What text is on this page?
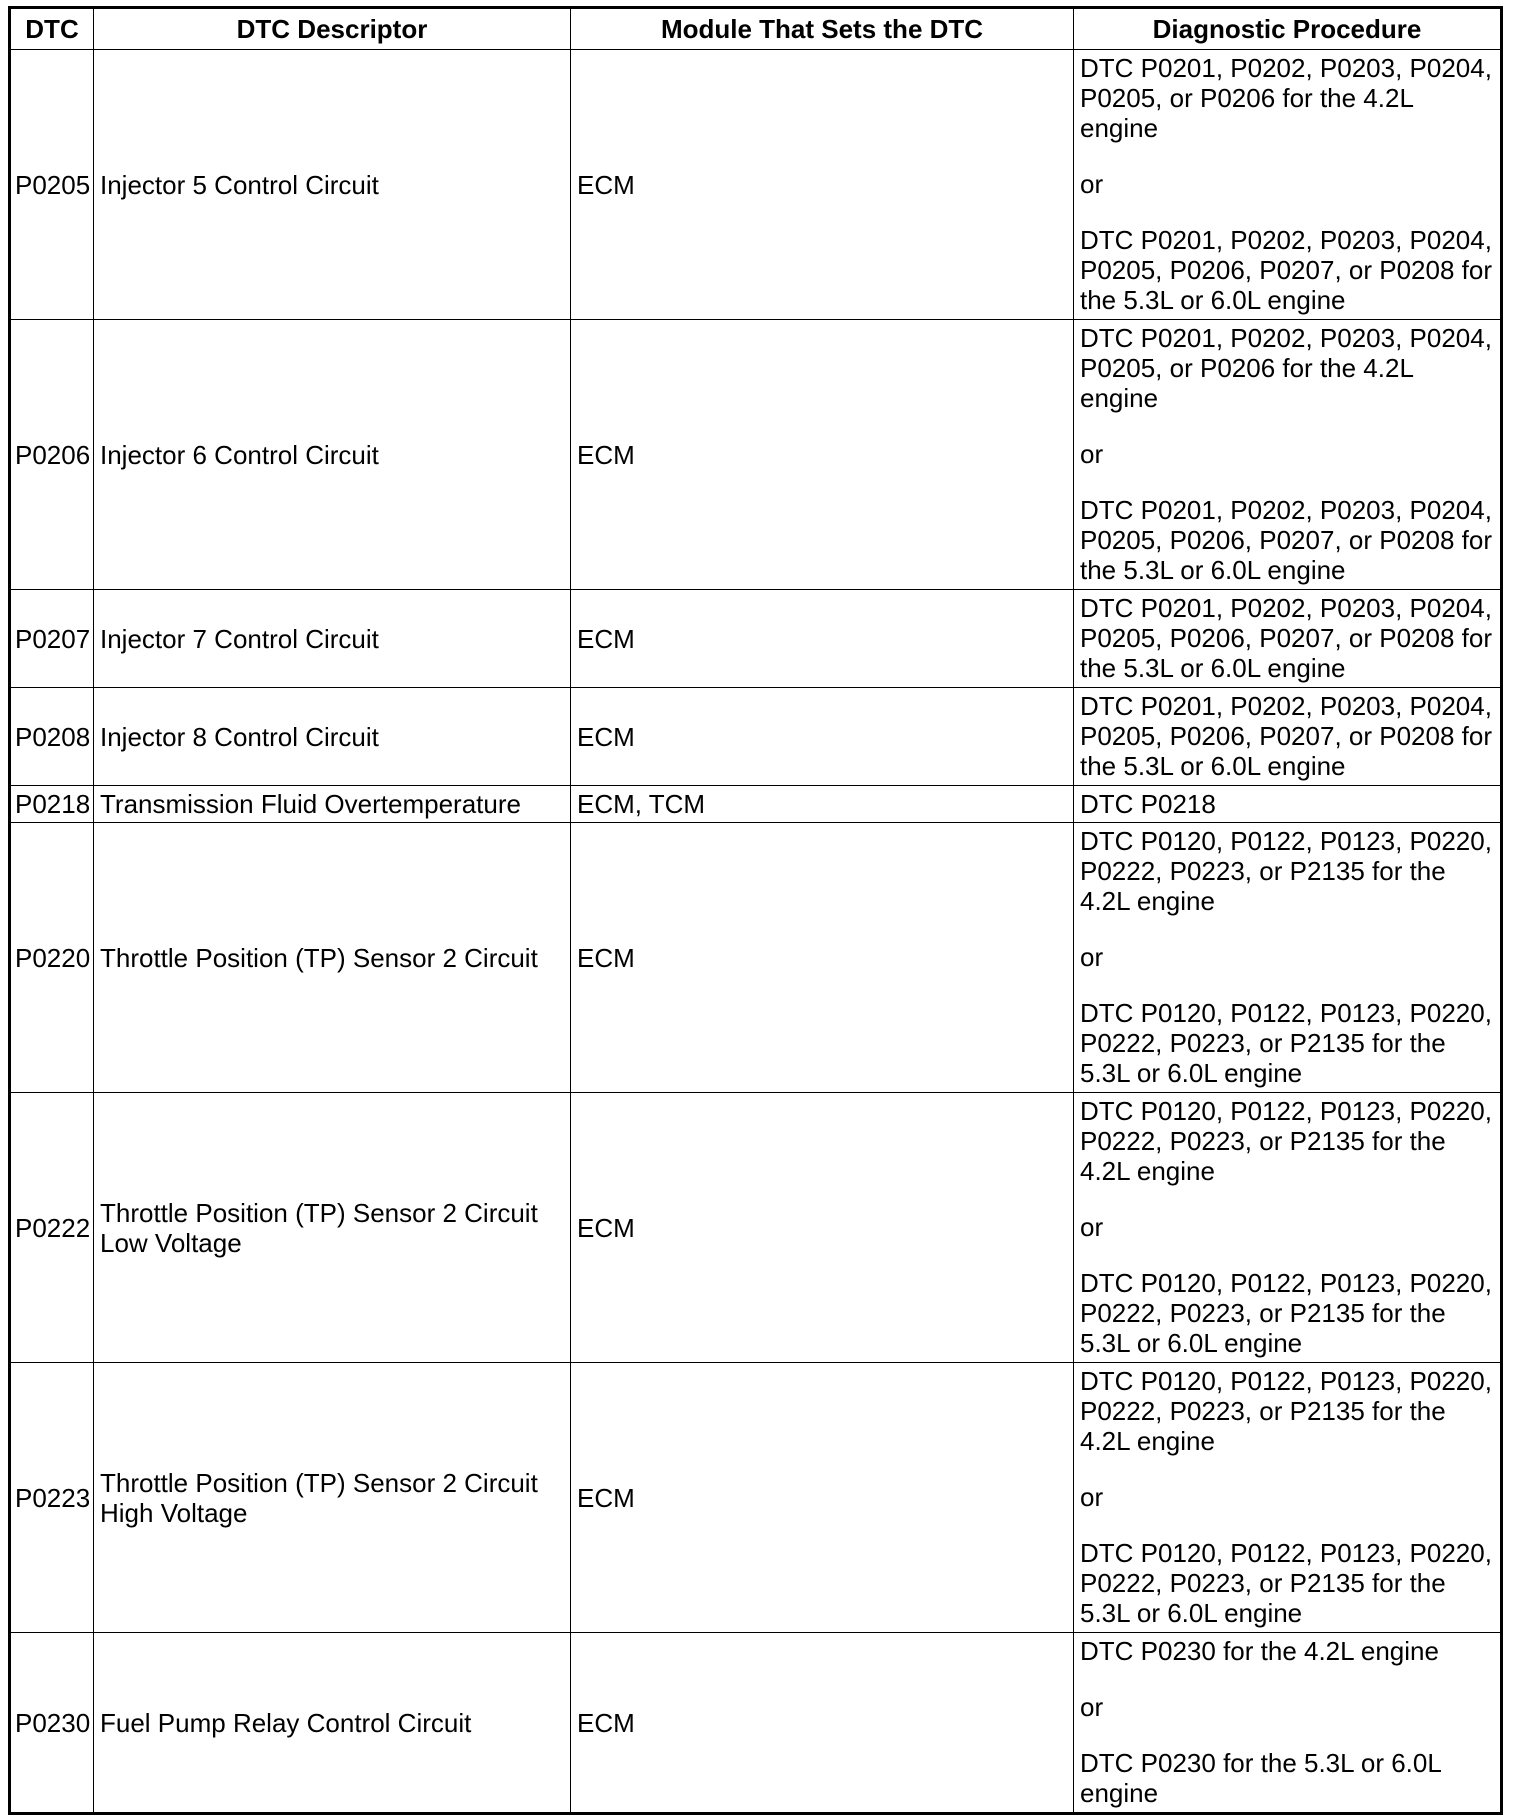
DTC	DTC Descriptor	Module That Sets the DTC	Diagnostic Procedure
P0205	Injector 5 Control Circuit	ECM	DTC P0201, P0202, P0203, P0204, P0205, or P0206 for the 4.2L engine

or

DTC P0201, P0202, P0203, P0204, P0205, P0206, P0207, or P0208 for the 5.3L or 6.0L engine

P0206	Injector 6 Control Circuit	ECM	DTC P0201, P0202, P0203, P0204, P0205, or P0206 for the 4.2L engine

or

DTC P0201, P0202, P0203, P0204, P0205, P0206, P0207, or P0208 for the 5.3L or 6.0L engine

P0207	Injector 7 Control Circuit	ECM	DTC P0201, P0202, P0203, P0204, P0205, P0206, P0207, or P0208 for the 5.3L or 6.0L engine

P0208	Injector 8 Control Circuit	ECM	DTC P0201, P0202, P0203, P0204, P0205, P0206, P0207, or P0208 for the 5.3L or 6.0L engine

P0218	Transmission Fluid Overtemperature	ECM, TCM	DTC P0218

P0220	Throttle Position (TP) Sensor 2 Circuit	ECM	DTC P0120, P0122, P0123, P0220, P0222, P0223, or P2135 for the 4.2L engine

or

DTC P0120, P0122, P0123, P0220, P0222, P0223, or P2135 for the 5.3L or 6.0L engine

P0222	Throttle Position (TP) Sensor 2 Circuit Low Voltage	ECM	DTC P0120, P0122, P0123, P0220, P0222, P0223, or P2135 for the 4.2L engine

or

DTC P0120, P0122, P0123, P0220, P0222, P0223, or P2135 for the 5.3L or 6.0L engine

P0223	Throttle Position (TP) Sensor 2 Circuit High Voltage	ECM	DTC P0120, P0122, P0123, P0220, P0222, P0223, or P2135 for the 4.2L engine

or

DTC P0120, P0122, P0123, P0220, P0222, P0223, or P2135 for the 5.3L or 6.0L engine

P0230	Fuel Pump Relay Control Circuit	ECM	DTC P0230 for the 4.2L engine

or

DTC P0230 for the 5.3L or 6.0L engine
